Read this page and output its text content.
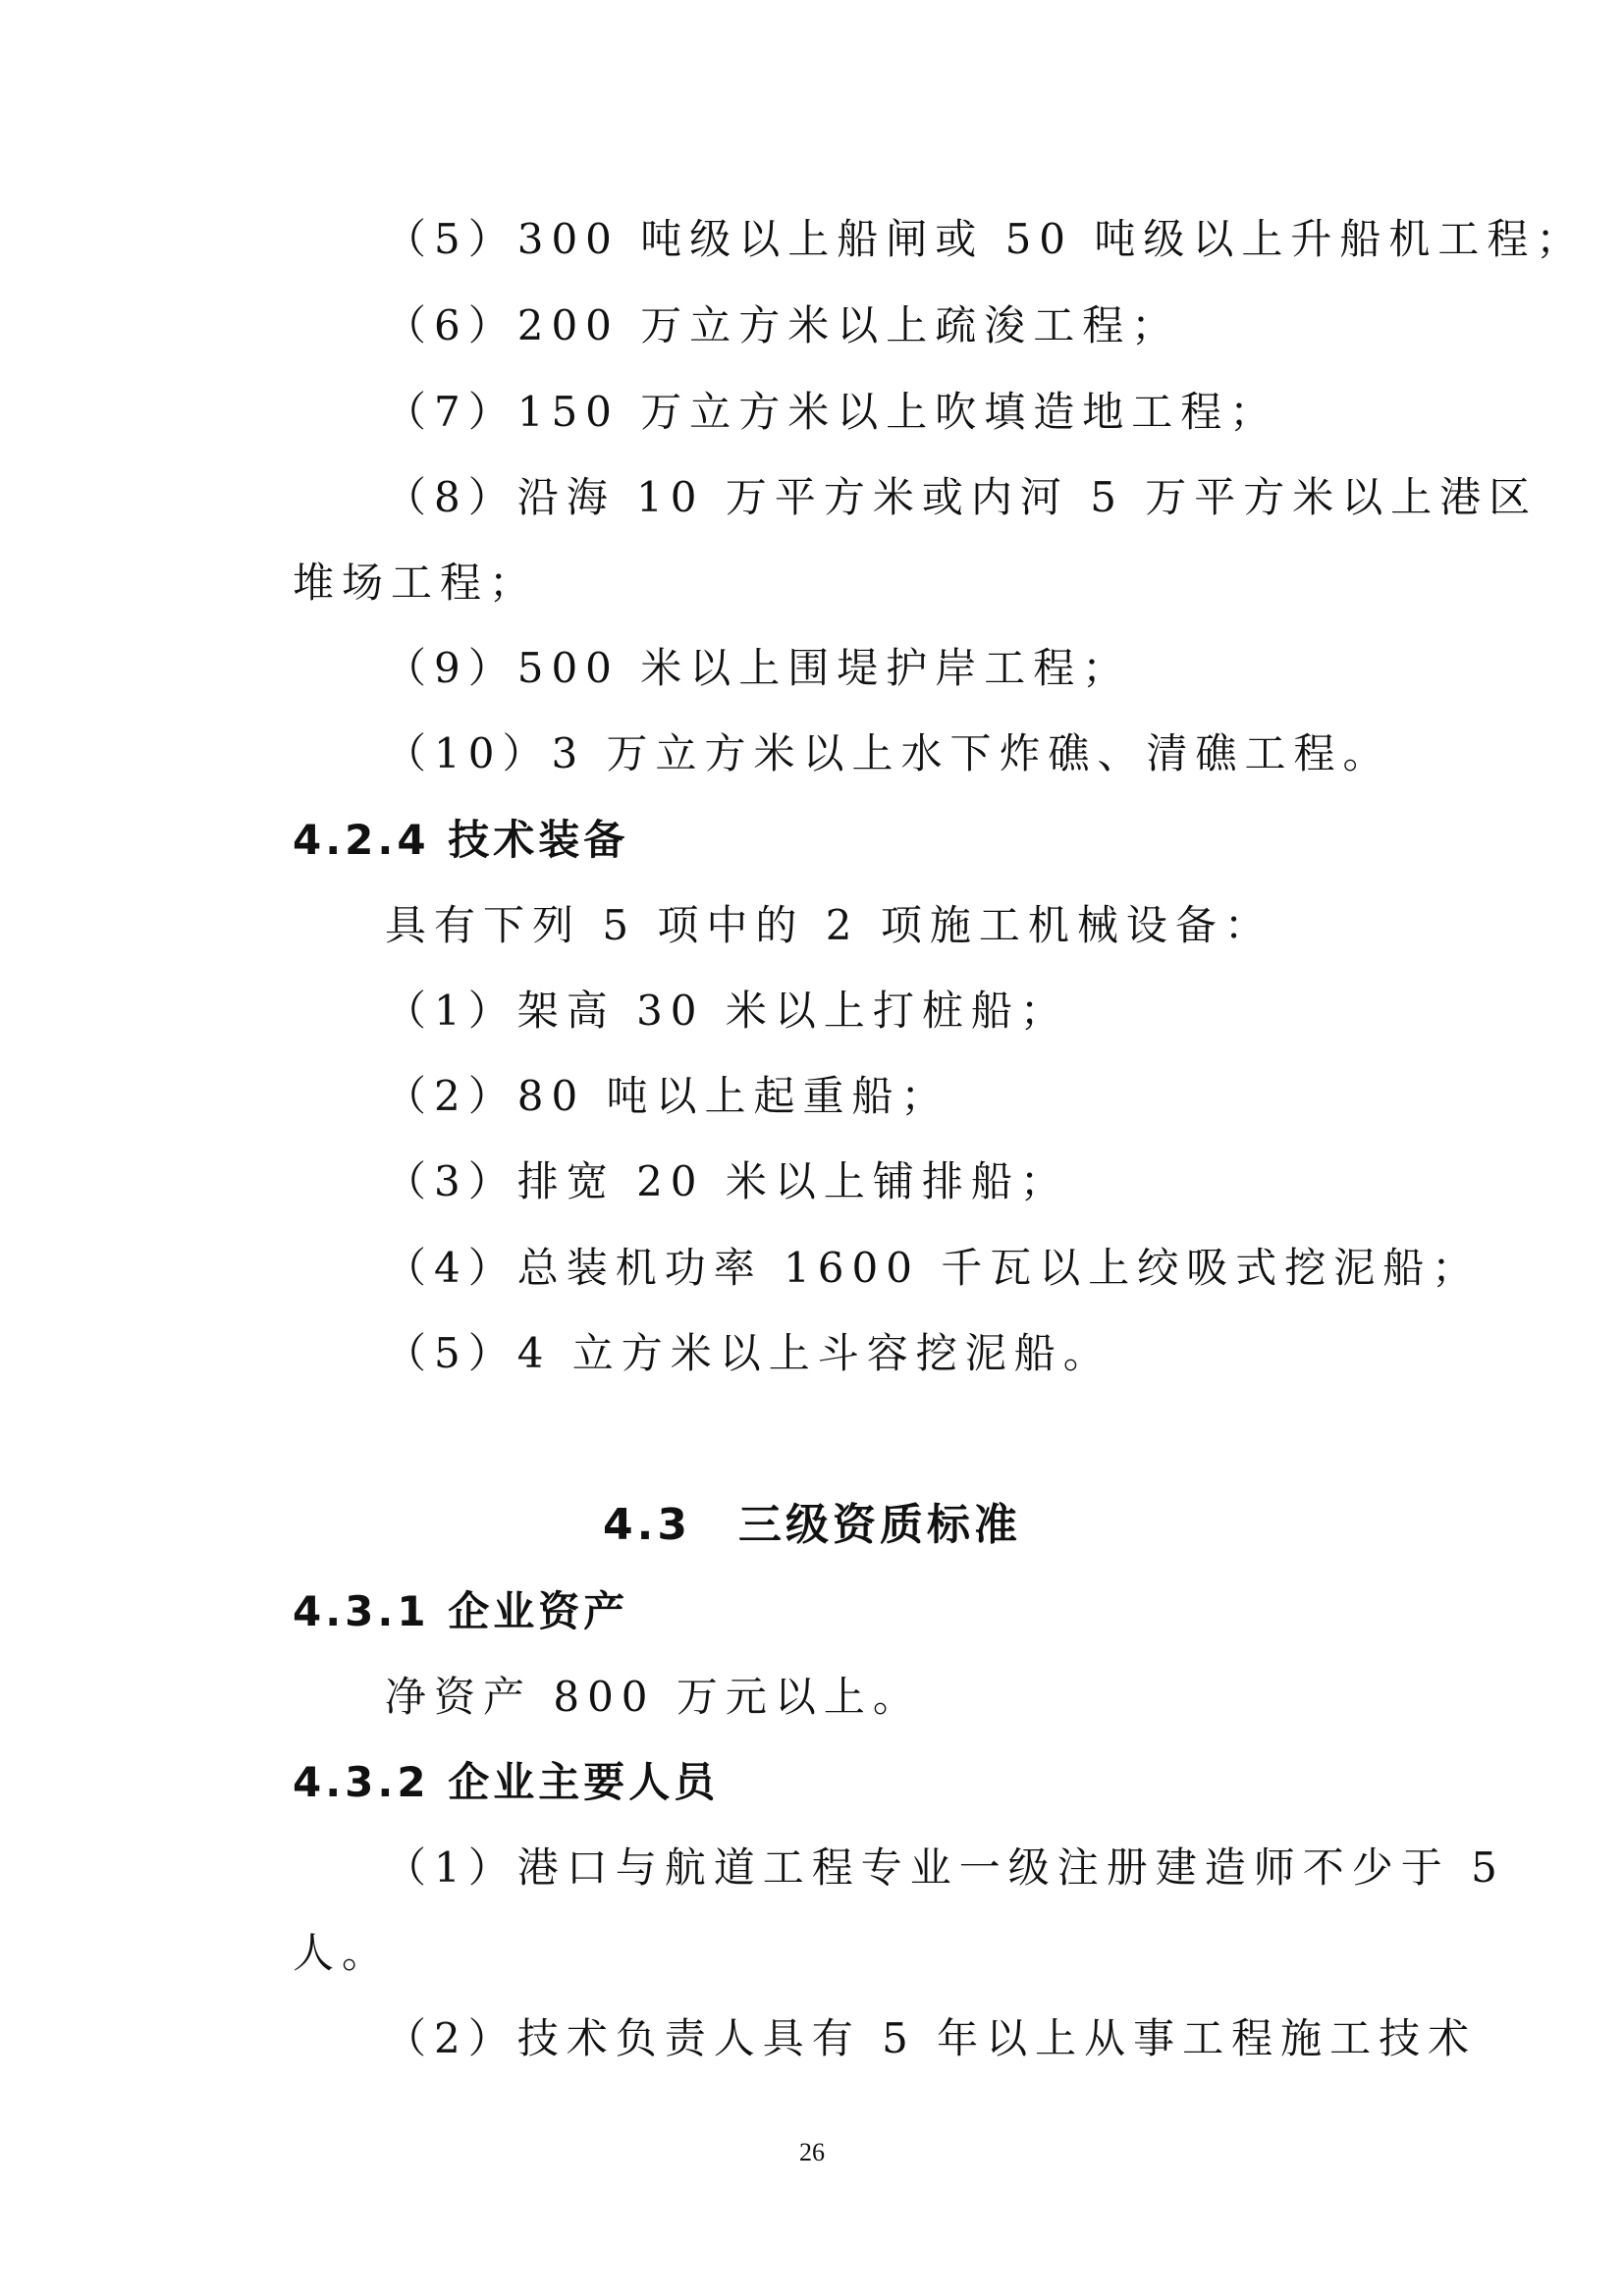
（5）300 吨级以上船闸或 50 吨级以上升船机工程；
（6）200 万立方米以上疏浚工程；
（7）150 万立方米以上吹填造地工程；
（8）沿海 10 万平方米或内河 5 万平方米以上港区
堆场工程；
（9）500 米以上围堤护岸工程；
（10）3 万立方米以上水下炸礁、清礁工程。
4.2.4 技术装备
具有下列 5 项中的 2 项施工机械设备：
（1）架高 30 米以上打桩船；
（2）80 吨以上起重船；
（3）排宽 20 米以上铺排船；
（4）总装机功率 1600 千瓦以上绞吸式挖泥船；
（5）4 立方米以上斗容挖泥船。
4.3　三级资质标准
4.3.1 企业资产
净资产 800 万元以上。
4.3.2 企业主要人员
（1）港口与航道工程专业一级注册建造师不少于 5
人。
（2）技术负责人具有 5 年以上从事工程施工技术
26
